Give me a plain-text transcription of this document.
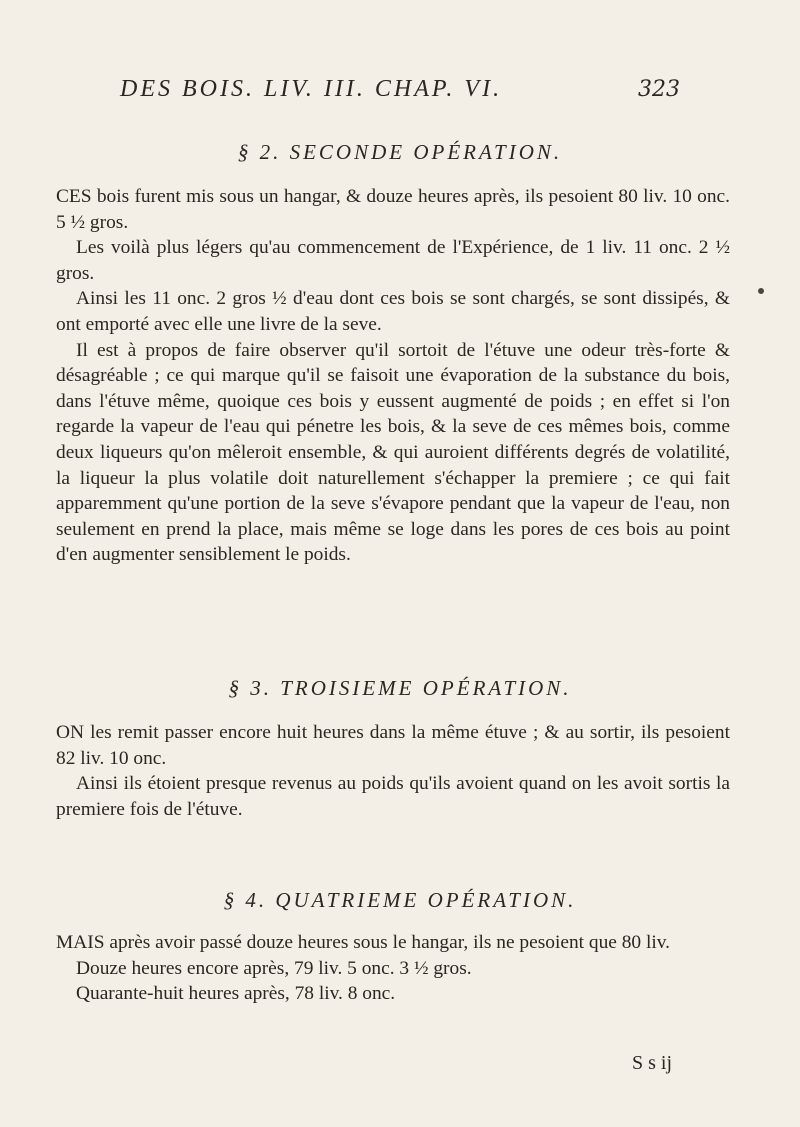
DES BOIS. LIV. III. CHAP. VI.	323
§ 2. SECONDE OPÉRATION.

CES bois furent mis sous un hangar, & douze heures après, ils pesoient 80 liv. 10 onc. 5 ½ gros.

Les voilà plus légers qu'au commencement de l'Expérience, de 1 liv. 11 onc. 2 ½ gros.

Ainsi les 11 onc. 2 gros ½ d'eau dont ces bois se sont chargés, se sont dissipés, & ont emporté avec elle une livre de la seve.

Il est à propos de faire observer qu'il sortoit de l'étuve une odeur très-forte & désagréable ; ce qui marque qu'il se faisoit une évaporation de la substance du bois, dans l'étuve même, quoique ces bois y eussent augmenté de poids ; en effet si l'on regarde la vapeur de l'eau qui pénetre les bois, & la seve de ces mêmes bois, comme deux liqueurs qu'on mêleroit ensemble, & qui auroient différents degrés de volatilité, la liqueur la plus volatile doit naturellement s'échapper la premiere ; ce qui fait apparemment qu'une portion de la seve s'évapore pendant que la vapeur de l'eau, non seulement en prend la place, mais même se loge dans les pores de ces bois au point d'en augmenter sensiblement le poids.

§ 3. TROISIEME OPÉRATION.

ON les remit passer encore huit heures dans la même étuve ; & au sortir, ils pesoient 82 liv. 10 onc.

Ainsi ils étoient presque revenus au poids qu'ils avoient quand on les avoit sortis la premiere fois de l'étuve.

§ 4. QUATRIEME OPÉRATION.

MAIS après avoir passé douze heures sous le hangar, ils ne pesoient que 80 liv.

Douze heures encore après, 79 liv. 5 onc. 3 ½ gros.

Quarante-huit heures après, 78 liv. 8 onc.

S s ij
